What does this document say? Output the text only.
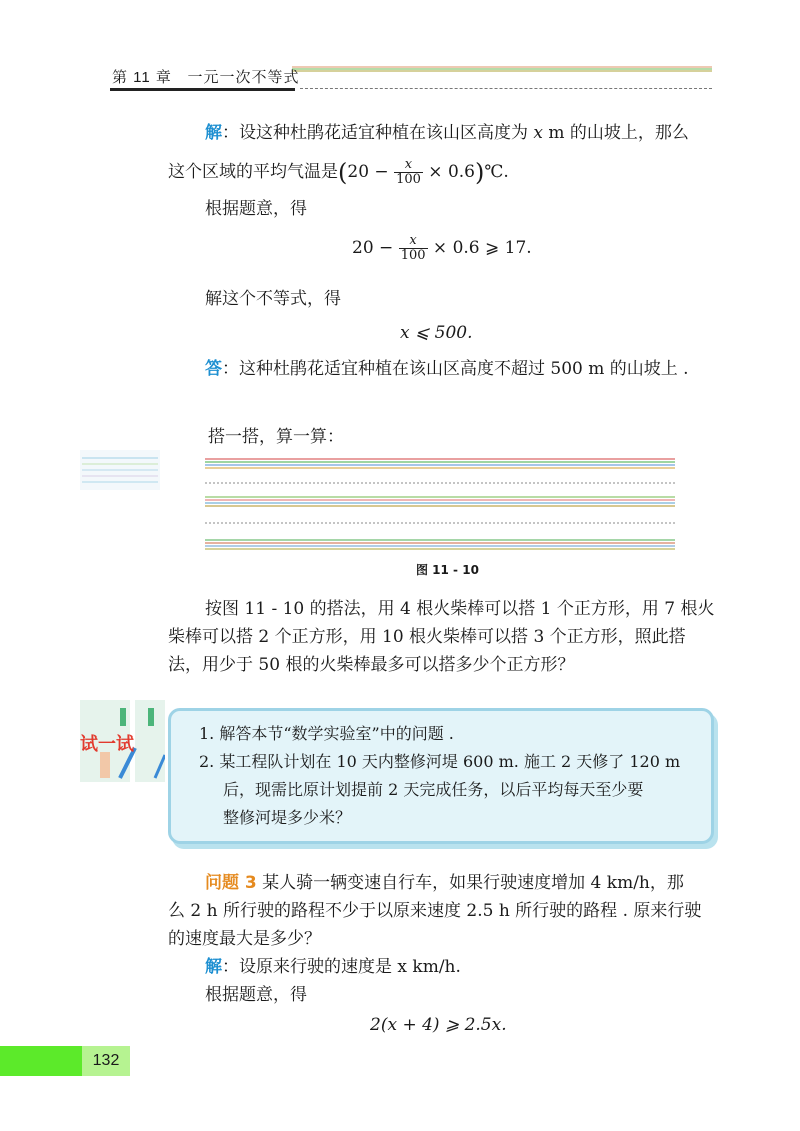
第 11 章 一元一次不等式
解：设这种杜鹃花适宜种植在该山区高度为 x m 的山坡上，那么
这个区域的平均气温是($20 - \frac{x}{100}$ × 0.6)℃.
根据题意，得
$20 - \frac{x}{100} \times 0.6$ ⩾ 17.
解这个不等式，得
x ⩽ 500.
答：这种杜鹃花适宜种植在该山区高度不超过 500 m 的山坡上 .
搭一搭，算一算：
图 11 - 10
按图 11 - 10 的搭法，用 4 根火柴棒可以搭 1 个正方形，用 7 根火
柴棒可以搭 2 个正方形，用 10 根火柴棒可以搭 3 个正方形，照此搭
法，用少于 50 根的火柴棒最多可以搭多少个正方形？
试一试
1. 解答本节“数学实验室”中的问题 .
2. 某工程队计划在 10 天内整修河堤 600 m. 施工 2 天修了 120 m
后，现需比原计划提前 2 天完成任务，以后平均每天至少要
整修河堤多少米？
问题 3 某人骑一辆变速自行车，如果行驶速度增加 4 km/h，那
么 2 h 所行驶的路程不少于以原来速度 2.5 h 所行驶的路程 . 原来行驶
的速度最大是多少？
解：设原来行驶的速度是 x km/h.
根据题意，得
2(x + 4) ⩾ 2.5x.
132
